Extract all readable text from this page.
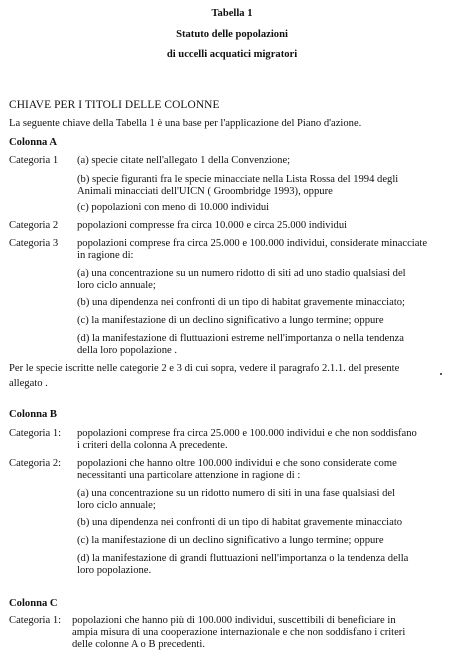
Tabella 1
Statuto delle popolazioni
di uccelli acquatici migratori
CHIAVE PER I TITOLI DELLE COLONNE
La seguente chiave della Tabella 1 è una base per l'applicazione del Piano d'azione.
Colonna A
Categoria 1 (a) specie citate nell'allegato 1 della Convenzione;
(b) specie figuranti fra le specie minacciate nella Lista Rossa del 1994 degli
Animali minacciati dell'UICN ( Groombridge 1993), oppure
(c) popolazioni con meno di 10.000 individui
Categoria 2 popolazioni compresse fra circa 10.000 e circa 25.000 individui
Categoria 3 popolazioni comprese fra circa 25.000 e 100.000 individui, considerate minacciate
in ragione di:
(a) una concentrazione su un numero ridotto di siti ad uno stadio qualsiasi del
loro ciclo annuale;
(b) una dipendenza nei confronti di un tipo di habitat gravemente minacciato;
(c) la manifestazione di un declino significativo a lungo termine; oppure
(d) la manifestazione di fluttuazioni estreme nell'importanza o nella tendenza
della loro popolazione .
Per le specie iscritte nelle categorie 2 e 3 di cui sopra, vedere il paragrafo 2.1.1. del presente
allegato .
Colonna B
Categoria 1: popolazioni comprese fra circa 25.000 e 100.000 individui e che non soddisfano
i criteri della colonna A precedente.
Categoria 2: popolazioni che hanno oltre 100.000 individui e che sono considerate come
necessitanti una particolare attenzione in ragione di :
(a) una concentrazione su un ridotto numero di siti in una fase qualsiasi del
loro ciclo annuale;
(b) una dipendenza nei confronti di un tipo di habitat gravemente minacciato
(c) la manifestazione di un declino significativo a lungo termine; oppure
(d) la manifestazione di grandi fluttuazioni nell'importanza o la tendenza della
loro popolazione.
Colonna C
Categoria 1: popolazioni che hanno più di 100.000 individui, suscettibili di beneficiare in
ampia misura di una cooperazione internazionale e che non soddisfano i criteri
delle colonne A o B precedenti.
